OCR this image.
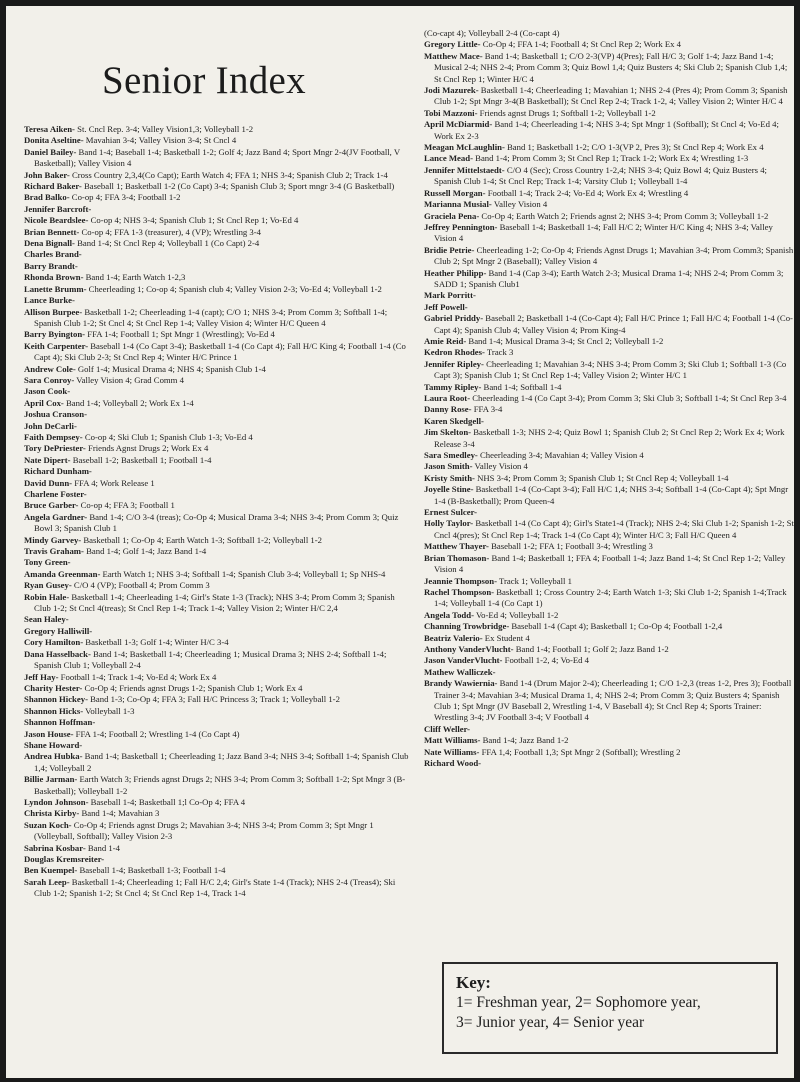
Senior Index

Teresa Aiken- St. Cncl Rep. 3-4; Valley Vision1,3; Volleyball 1-2

Donita Aseltine- Mavahian 3-4; Valley Vision 3-4; St Cncl 4

Daniel Bailey- Band 1-4; Baseball 1-4; Basketball 1-2; Golf 4; Jazz Band 4; Sport Mngr 2-4(JV Football, V Basketball); Valley Vision 4

John Baker- Cross Country 2,3,4(Co Capt); Earth Watch 4; FFA 1; NHS 3-4; Spanish Club 2; Track 1-4

Richard Baker- Baseball 1; Basketball 1-2 (Co Capt) 3-4; Spanish Club 3; Sport mngr 3-4 (G Basketball)

Brad Balko- Co-op 4; FFA 3-4; Football 1-2

Jennifer Barcroft-

Nicole Beardslee- Co-op 4; NHS 3-4; Spanish Club 1; St Cncl Rep 1; Vo-Ed 4

Brian Bennett- Co-op 4; FFA 1-3 (treasurer), 4 (VP); Wrestling 3-4

Dena Bignall- Band 1-4; St Cncl Rep 4; Volleyball 1 (Co Capt) 2-4

Charles Brand-

Barry Brandt-

Rhonda Brown- Band 1-4; Earth Watch 1-2,3

Lanette Brumm- Cheerleading 1; Co-op 4; Spanish club 4; Valley Vision 2-3; Vo-Ed 4; Volleyball 1-2

Lance Burke-

Allison Burpee- Basketball 1-2; Cheerleading 1-4 (capt); C/O 1; NHS 3-4; Prom Comm 3; Softball 1-4; Spanish Club 1-2; St Cncl 4; St Cncl Rep 1-4; Valley Vision 4; Winter H/C Queen 4

Barry Byington- FFA 1-4; Football 1; Spt Mngr 1 (Wrestling); Vo-Ed 4

Keith Carpenter- Baseball 1-4 (Co Capt 3-4); Basketball 1-4 (Co Capt 4); Fall H/C King 4; Football 1-4 (Co Capt 4); Ski Club 2-3; St Cncl Rep 4; Winter H/C Prince 1

Andrew Cole- Golf 1-4; Musical Drama 4; NHS 4; Spanish Club 1-4

Sara Conroy- Valley Vision 4; Grad Comm 4

Jason Cook-

April Cox- Band 1-4; Volleyball 2; Work Ex 1-4

Joshua Cranson-

John DeCarli-

Faith Dempsey- Co-op 4; Ski Club 1; Spanish Club 1-3; Vo-Ed 4

Tory DePriester- Friends Agnst Drugs 2; Work Ex 4

Nate Dipert- Baseball 1-2; Basketball 1; Football 1-4

Richard Dunham-

David Dunn- FFA 4; Work Release 1

Charlene Foster-

Bruce Garber- Co-op 4; FFA 3; Football 1

Angela Gardner- Band 1-4; C/O 3-4 (treas); Co-Op 4; Musical Drama 3-4; NHS 3-4; Prom Comm 3; Quiz Bowl 3; Spanish Club 1

Mindy Garvey- Basketball 1; Co-Op 4; Earth Watch 1-3; Softball 1-2; Volleyball 1-2

Travis Graham- Band 1-4; Golf 1-4; Jazz Band 1-4

Tony Green-

Amanda Greenman- Earth Watch 1; NHS 3-4; Softball 1-4; Spanish Club 3-4; Volleyball 1; Sp NHS-4

Ryan Gusey- C/O 4 (VP); Football 4; Prom Comm 3

Robin Hale- Basketball 1-4; Cheerleading 1-4; Girl's State 1-3 (Track); NHS 3-4; Prom Comm 3; Spanish Club 1-2; St Cncl 4(treas); St Cncl Rep 1-4; Track 1-4; Valley Vision 2; Winter H/C 2,4

Sean Haley-

Gregory Halliwill-

Cory Hamilton- Basketball 1-3; Golf 1-4; Winter H/C 3-4

Dana Hasselback- Band 1-4; Basketball 1-4; Cheerleading 1; Musical Drama 3; NHS 2-4; Softball 1-4; Spanish Club 1; Volleyball 2-4

Jeff Hay- Football 1-4; Track 1-4; Vo-Ed 4; Work Ex 4

Charity Hester- Co-Op 4; Friends agnst Drugs 1-2; Spanish Club 1; Work Ex 4

Shannon Hickey- Band 1-3; Co-Op 4; FFA 3; Fall H/C Princess 3; Track 1; Volleyball 1-2

Shannon Hicks- Volleyball 1-3

Shannon Hoffman-

Jason House- FFA 1-4; Football 2; Wrestling 1-4 (Co Capt 4)

Shane Howard-

Andrea Hubka- Band 1-4; Basketball 1; Cheerleading 1; Jazz Band 3-4; NHS 3-4; Softball 1-4; Spanish Club 1,4; Volleyball 2

Billie Jarman- Earth Watch 3; Friends agnst Drugs 2; NHS 3-4; Prom Comm 3; Softball 1-2; Spt Mngr 3 (B-Basketball); Volleyball 1-2

Lyndon Johnson- Baseball 1-4; Basketball 1;l Co-Op 4; FFA 4

Christa Kirby- Band 1-4; Mavahian 3

Suzan Koch- Co-Op 4; Friends agnst Drugs 2; Mavahian 3-4; NHS 3-4; Prom Comm 3; Spt Mngr 1 (Volleyball, Softball); Valley Vision 2-3

Sabrina Kosbar- Band 1-4

Douglas Kremsreiter-

Ben Kuempel- Baseball 1-4; Basketball 1-3; Football 1-4

Sarah Leep- Basketball 1-4; Cheerleading 1; Fall H/C 2,4; Girl's State 1-4 (Track); NHS 2-4 (Treas4); Ski Club 1-2; Spanish 1-2; St Cncl 4; St Cncl Rep 1-4, Track 1-4

(Co-capt 4); Volleyball 2-4 (Co-capt 4)

Gregory Little- Co-Op 4; FFA 1-4; Football 4; St Cncl Rep 2; Work Ex 4

Matthew Mace- Band 1-4; Basketball 1; C/O 2-3(VP) 4(Pres); Fall H/C 3; Golf 1-4; Jazz Band 1-4; Musical 2-4; NHS 2-4; Prom Comm 3; Quiz Bowl 1,4; Quiz Busters 4; Ski Club 2; Spanish Club 1,4; St Cncl Rep 1; Winter H/C 4

Jodi Mazurek- Basketball 1-4; Cheerleading 1; Mavahian 1; NHS 2-4 (Pres 4); Prom Comm 3; Spanish Club 1-2; Spt Mngr 3-4(B Basketball); St Cncl Rep 2-4; Track 1-2, 4; Valley Vision 2; Winter H/C 4

Tobi Mazzoni- Friends agnst Drugs 1; Softball 1-2; Volleyball 1-2

April McDiarmid- Band 1-4; Cheerleading 1-4; NHS 3-4; Spt Mngr 1 (Softball); St Cncl 4; Vo-Ed 4; Work Ex 2-3

Meagan McLaughlin- Band 1; Basketball 1-2; C/O 1-3(VP 2, Pres 3); St Cncl Rep 4; Work Ex 4

Lance Mead- Band 1-4; Prom Comm 3; St Cncl Rep 1; Track 1-2; Work Ex 4; Wrestling 1-3

Jennifer Mittelstaedt- C/O 4 (Sec); Cross Country 1-2,4; NHS 3-4; Quiz Bowl 4; Quiz Busters 4; Spanish Club 1-4; St Cncl Rep; Track 1-4; Varsity Club 1; Volleyball 1-4

Russell Morgan- Football 1-4; Track 2-4; Vo-Ed 4; Work Ex 4; Wrestling 4

Marianna Musial- Valley Vision 4

Graciela Pena- Co-Op 4; Earth Watch 2; Friends agnst 2; NHS 3-4; Prom Comm 3; Volleyball 1-2

Jeffrey Pennington- Baseball 1-4; Basketball 1-4; Fall H/C 2; Winter H/C King 4; NHS 3-4; Valley Vision 4

Bridie Petrie- Cheerleading 1-2; Co-Op 4; Friends Agnst Drugs 1; Mavahian 3-4; Prom Comm3; Spanish Club 2; Spt Mngr 2 (Baseball); Valley Vision 4

Heather Philipp- Band 1-4 (Cap 3-4); Earth Watch 2-3; Musical Drama 1-4; NHS 2-4; Prom Comm 3; SADD 1; Spanish Club1

Mark Porritt-

Jeff Powell-

Gabriel Priddy- Baseball 2; Basketball 1-4 (Co-Capt 4); Fall H/C Prince 1; Fall H/C 4; Football 1-4 (Co-Capt 4); Spanish Club 4; Valley Vision 4; Prom King-4

Amie Reid- Band 1-4; Musical Drama 3-4; St Cncl 2; Volleyball 1-2

Kedron Rhodes- Track 3

Jennifer Ripley- Cheerleading 1; Mavahian 3-4; NHS 3-4; Prom Comm 3; Ski Club 1; Softball 1-3 (Co Capt 3); Spanish Club 1; St Cncl Rep 1-4; Valley Vision 2; Winter H/C 1

Tammy Ripley- Band 1-4; Softball 1-4

Laura Root- Cheerleading 1-4 (Co Capt 3-4); Prom Comm 3; Ski Club 3; Softball 1-4; St Cncl Rep 3-4

Danny Rose- FFA 3-4

Karen Skedgell-

Jim Skelton- Basketball 1-3; NHS 2-4; Quiz Bowl 1; Spanish Club 2; St Cncl Rep 2; Work Ex 4; Work Release 3-4

Sara Smedley- Cheerleading 3-4; Mavahian 4; Valley Vision 4

Jason Smith- Valley Vision 4

Kristy Smith- NHS 3-4; Prom Comm 3; Spanish Club 1; St Cncl Rep 4; Volleyball 1-4

Joyelle Stine- Basketball 1-4 (Co-Capt 3-4); Fall H/C 1,4; NHS 3-4; Softball 1-4 (Co-Capt 4); Spt Mngr 1-4 (B-Basketball); Prom Queen-4

Ernest Sulcer-

Holly Taylor- Basketball 1-4 (Co Capt 4); Girl's State1-4 (Track); NHS 2-4; Ski Club 1-2; Spanish 1-2; St Cncl 4(pres); St Cncl Rep 1-4; Track 1-4 (Co Capt 4); Winter H/C 3; Fall H/C Queen 4

Matthew Thayer- Baseball 1-2; FFA 1; Football 3-4; Wrestling 3

Brian Thomason- Band 1-4; Basketball 1; FFA 4; Football 1-4; Jazz Band 1-4; St Cncl Rep 1-2; Valley Vision 4

Jeannie Thompson- Track 1; Volleyball 1

Rachel Thompson- Basketball 1; Cross Country 2-4; Earth Watch 1-3; Ski Club 1-2; Spanish 1-4;Track 1-4; Volleyball 1-4 (Co Capt 1)

Angela Todd- Vo-Ed 4; Volleyball 1-2

Channing Trowbridge- Baseball 1-4 (Capt 4); Basketball 1; Co-Op 4; Football 1-2,4

Beatriz Valerio- Ex Student 4

Anthony VanderVlucht- Band 1-4; Football 1; Golf 2; Jazz Band 1-2

Jason VanderVlucht- Football 1-2, 4; Vo-Ed 4

Mathew Walliczek-

Brandy Wawiernia- Band 1-4 (Drum Major 2-4); Cheerleading 1; C/O 1-2,3 (treas 1-2, Pres 3); Football Trainer 3-4; Mavahian 3-4; Musical Drama 1, 4; NHS 2-4; Prom Comm 3; Quiz Busters 4; Spanish Club 1; Spt Mngr (JV Baseball 2, Wrestling 1-4, V Baseball 4); St Cncl Rep 4; Sports Trainer: Wrestling 3-4; JV Football 3-4; V Football 4

Cliff Weller-

Matt Williams- Band 1-4; Jazz Band 1-2

Nate Williams- FFA 1,4; Football 1,3; Spt Mngr 2 (Softball); Wrestling 2

Richard Wood-

Key:
1= Freshman year, 2= Sophomore year,
3= Junior year, 4= Senior year
